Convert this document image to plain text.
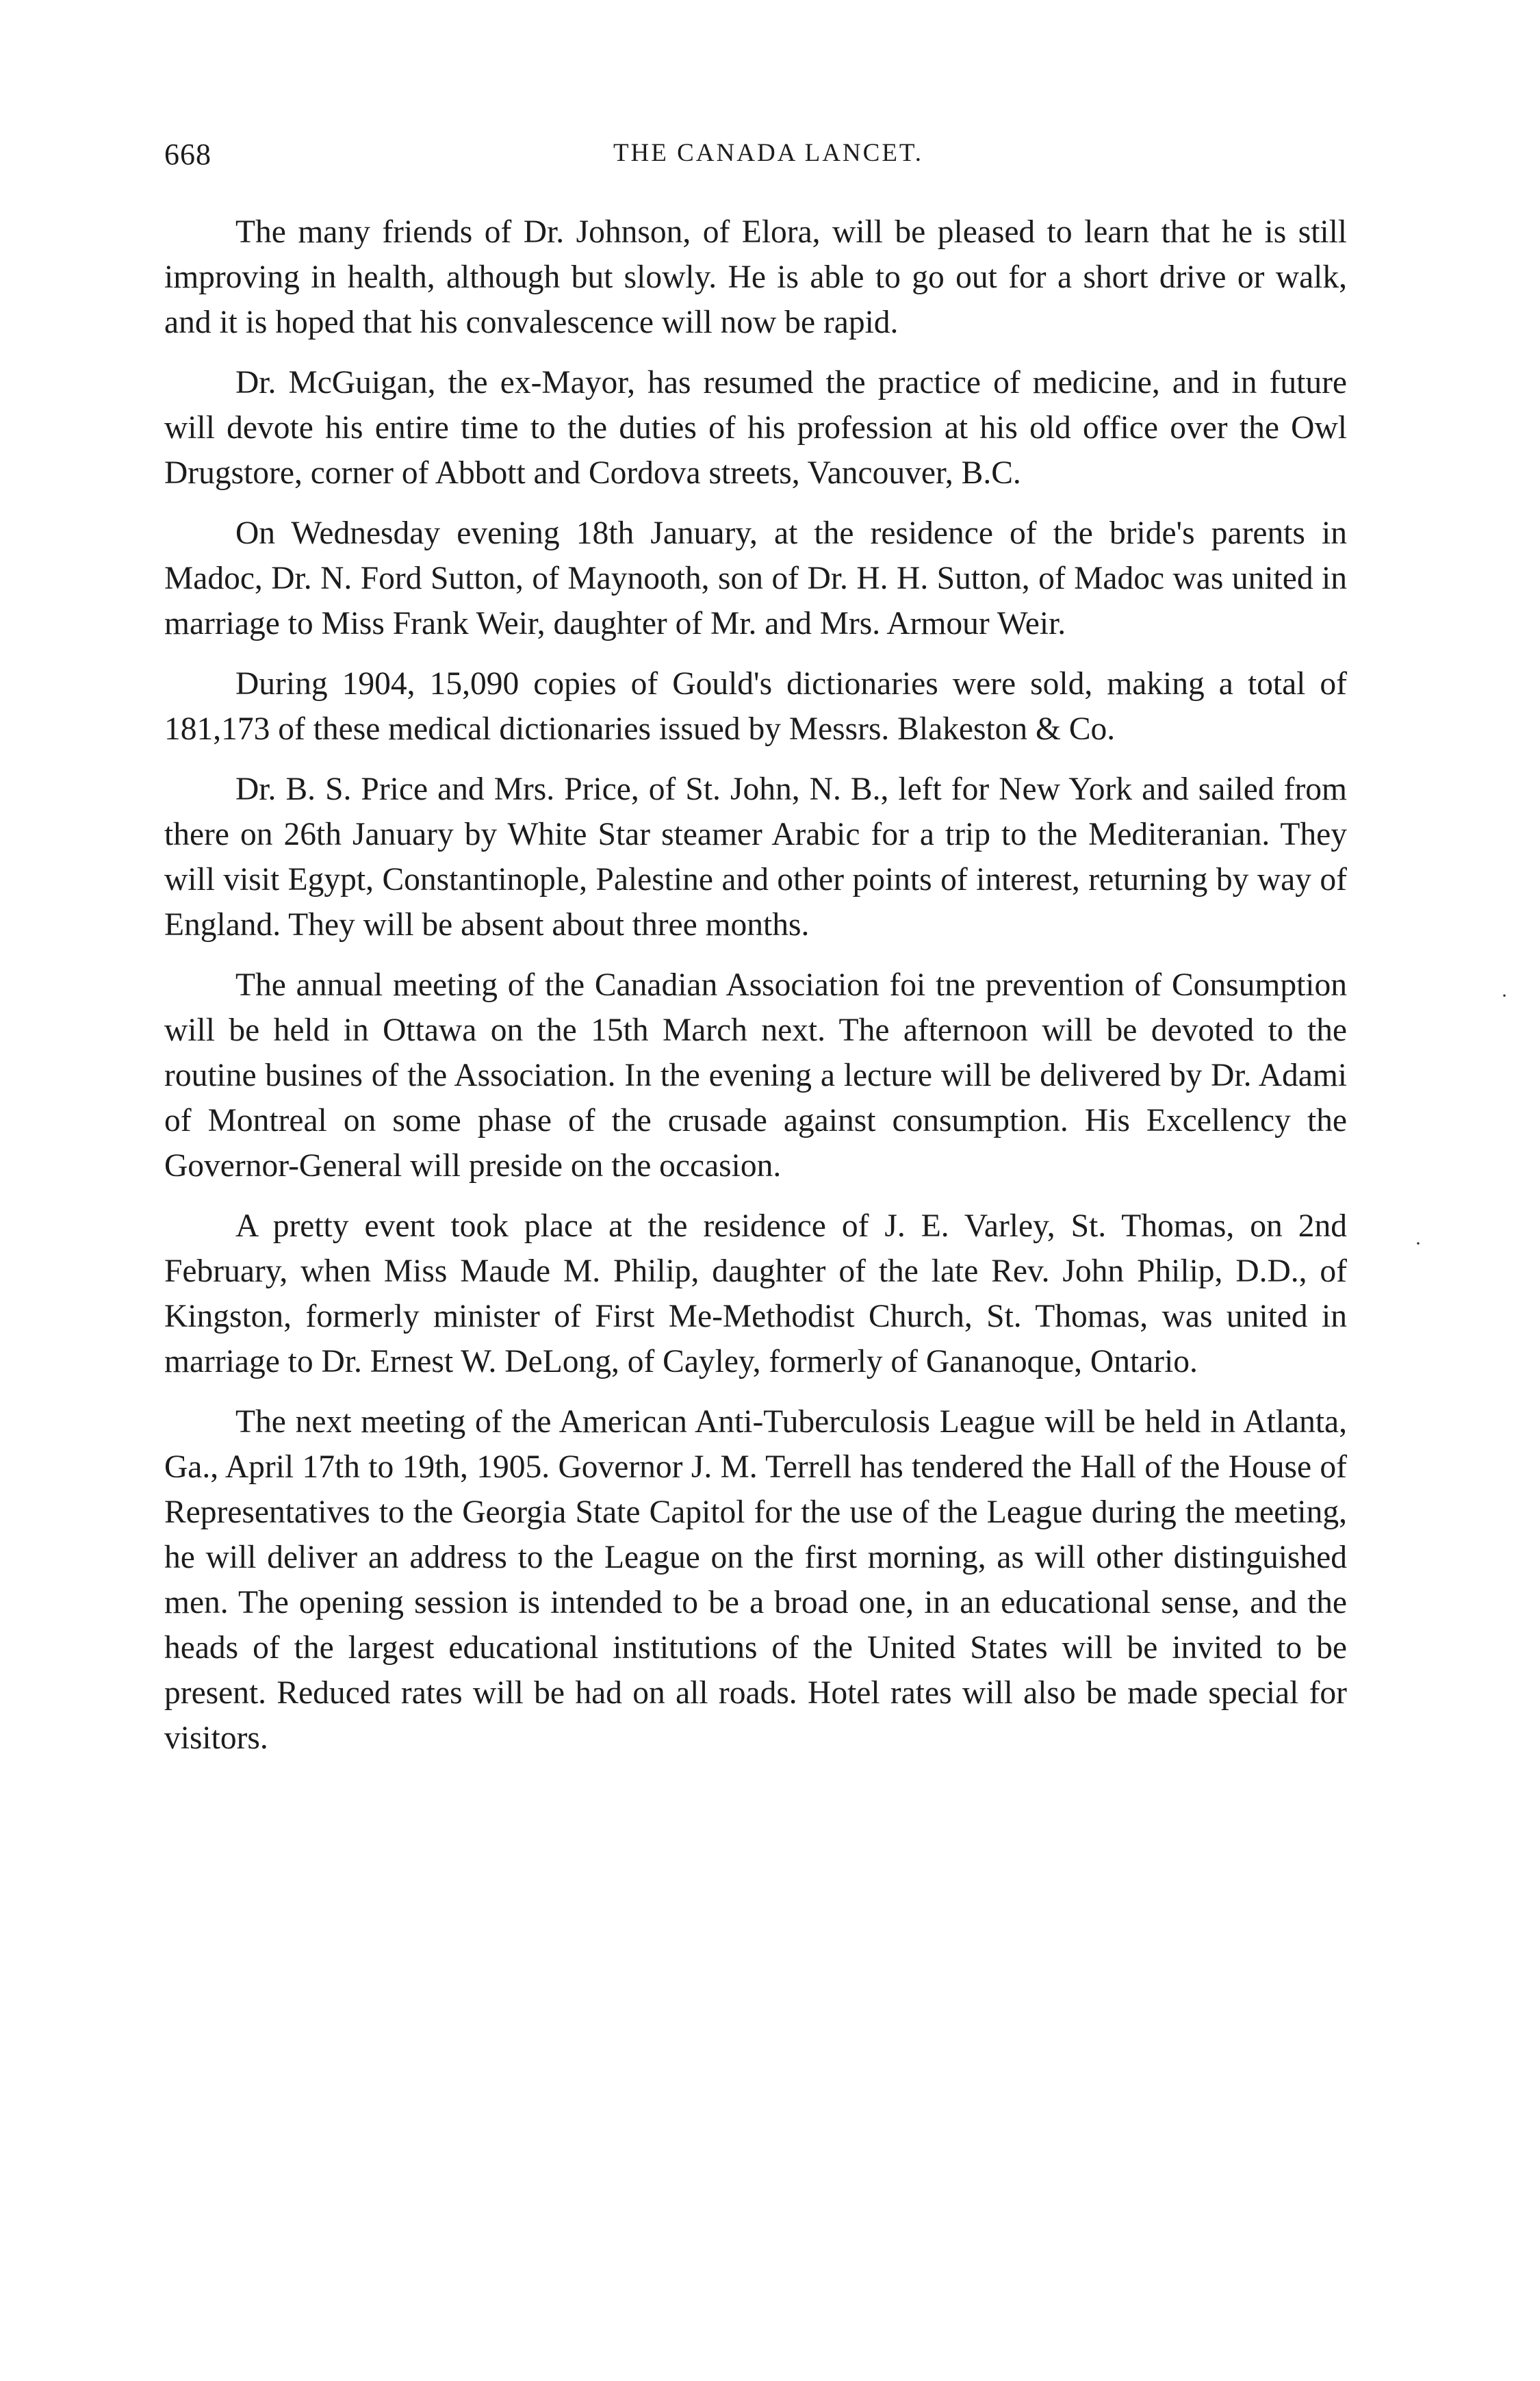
668	THE CANADA LANCET.

The many friends of Dr. Johnson, of Elora, will be pleased to learn that he is still improving in health, although but slowly. He is able to go out for a short drive or walk, and it is hoped that his convalescence will now be rapid.

Dr. McGuigan, the ex-Mayor, has resumed the practice of medicine, and in future will devote his entire time to the duties of his profession at his old office over the Owl Drugstore, corner of Abbott and Cordova streets, Vancouver, B.C.

On Wednesday evening 18th January, at the residence of the bride's parents in Madoc, Dr. N. Ford Sutton, of Maynooth, son of Dr. H. H. Sutton, of Madoc was united in marriage to Miss Frank Weir, daughter of Mr. and Mrs. Armour Weir.

During 1904, 15,090 copies of Gould's dictionaries were sold, making a total of 181,173 of these medical dictionaries issued by Messrs. Blakeston & Co.

Dr. B. S. Price and Mrs. Price, of St. John, N. B., left for New York and sailed from there on 26th January by White Star steamer Arabic for a trip to the Mediteranian. They will visit Egypt, Constantinople, Palestine and other points of interest, returning by way of England. They will be absent about three months.

The annual meeting of the Canadian Association foi tne prevention of Consumption will be held in Ottawa on the 15th March next. The afternoon will be devoted to the routine busines of the Association. In the evening a lecture will be delivered by Dr. Adami of Montreal on some phase of the crusade against consumption. His Excellency the Governor-General will preside on the occasion.

A pretty event took place at the residence of J. E. Varley, St. Thomas, on 2nd February, when Miss Maude M. Philip, daughter of the late Rev. John Philip, D.D., of Kingston, formerly minister of First Me-Methodist Church, St. Thomas, was united in marriage to Dr. Ernest W. DeLong, of Cayley, formerly of Gananoque, Ontario.

The next meeting of the American Anti-Tuberculosis League will be held in Atlanta, Ga., April 17th to 19th, 1905. Governor J. M. Terrell has tendered the Hall of the House of Representatives to the Georgia State Capitol for the use of the League during the meeting, he will deliver an address to the League on the first morning, as will other distinguished men. The opening session is intended to be a broad one, in an educational sense, and the heads of the largest educational institutions of the United States will be invited to be present. Reduced rates will be had on all roads. Hotel rates will also be made special for visitors.

·
·
